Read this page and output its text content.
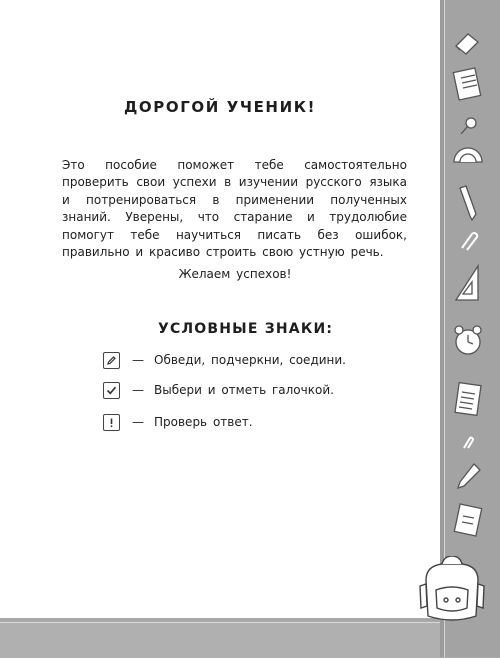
ДОРОГОЙ УЧЕНИК!

Это пособие поможет тебе самостоятельно проверить свои успехи в изучении русского языка и потренироваться в применении полученных знаний. Уверены, что старание и трудолюбие помогут тебе научиться писать без ошибок, правильно и красиво строить свою устную речь.

Желаем успехов!
УСЛОВНЫЕ ЗНАКИ:
— Обведи, подчеркни, соедини.
— Выбери и отметь галочкой.
— Проверь ответ.
